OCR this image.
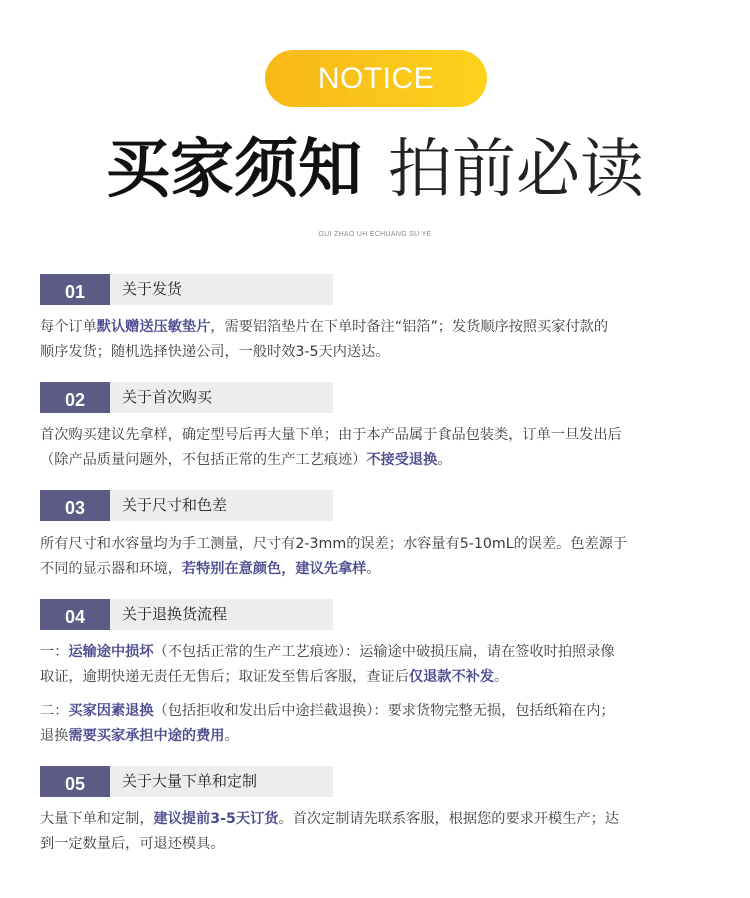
NOTICE
买家须知 拍前必读
GUI ZHAO UH ECHUANG SU YE
01	关于发货
每个订单默认赠送压敏垫片，需要铝箔垫片在下单时备注“铝箔”；发货顺序按照买家付款的
顺序发货；随机选择快递公司，一般时效3-5天内送达。
02	关于首次购买
首次购买建议先拿样，确定型号后再大量下单；由于本产品属于食品包装类，订单一旦发出后
（除产品质量问题外，不包括正常的生产工艺痕迹）不接受退换。
03	关于尺寸和色差
所有尺寸和水容量均为手工测量，尺寸有2-3mm的误差；水容量有5-10mL的误差。色差源于
不同的显示器和环境，若特别在意颜色，建议先拿样。
04	关于退换货流程
一：运输途中损坏（不包括正常的生产工艺痕迹）：运输途中破损压扁，请在签收时拍照录像
取证，逾期快递无责任无售后；取证发至售后客服，查证后仅退款不补发。
二：买家因素退换（包括拒收和发出后中途拦截退换）：要求货物完整无损，包括纸箱在内；
退换需要买家承担中途的费用。
05	关于大量下单和定制
大量下单和定制，建议提前3-5天订货。首次定制请先联系客服，根据您的要求开模生产；达
到一定数量后，可退还模具。
